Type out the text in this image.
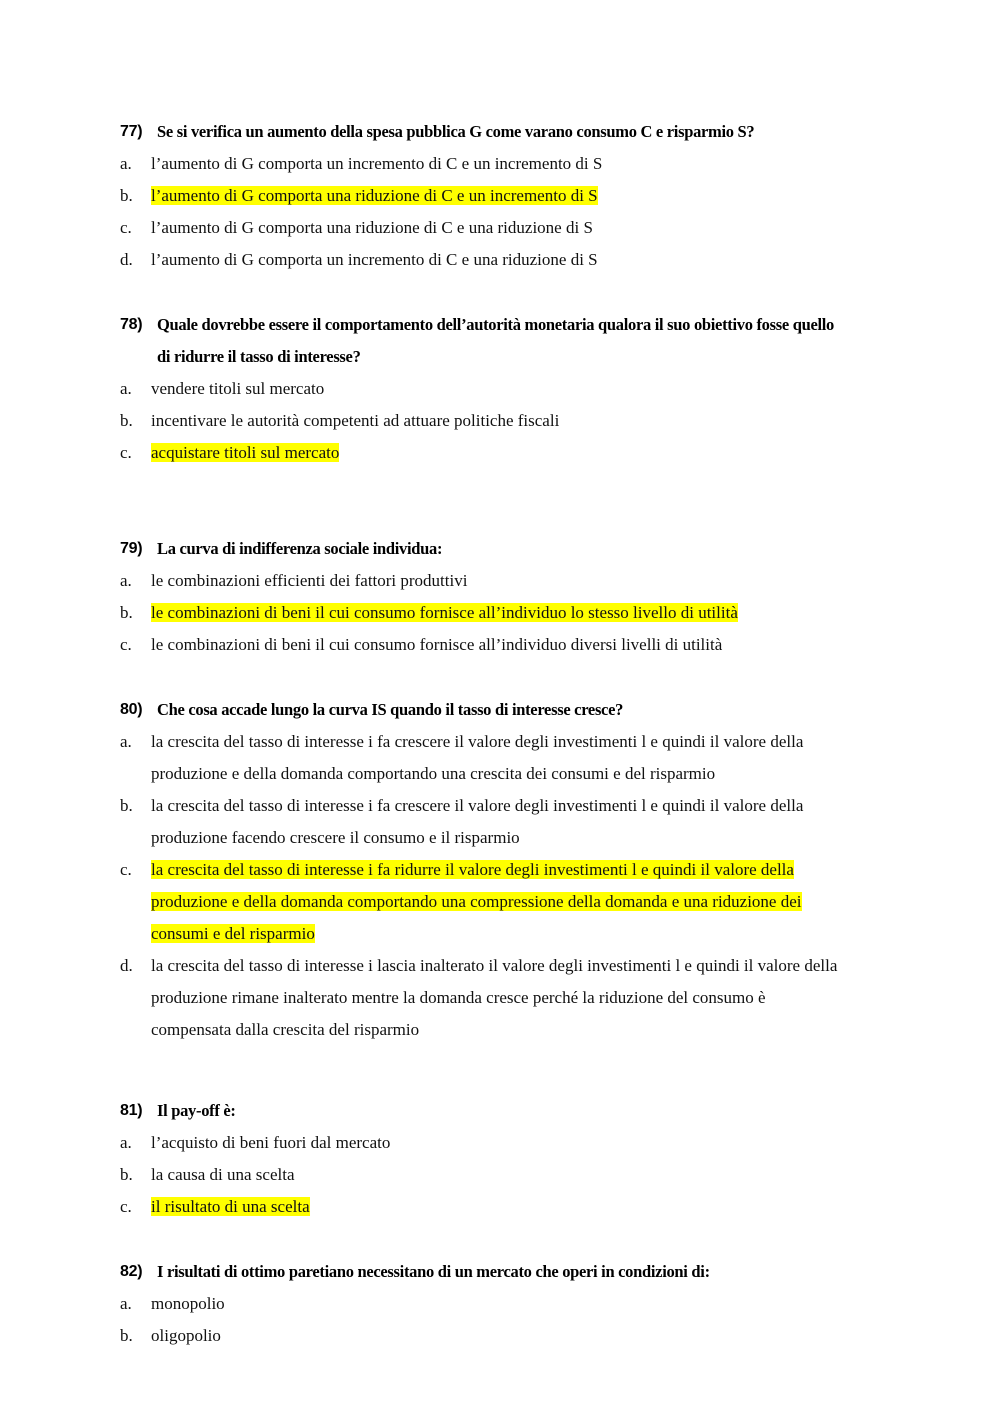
77) Se si verifica un aumento della spesa pubblica G come varano consumo C e risparmio S?
a.	l’aumento di G comporta un incremento di C e un incremento di S
b.	l’aumento di G comporta una riduzione di C e un incremento di S
c.	l’aumento di G comporta una riduzione di C e una riduzione di S
d.	l’aumento di G comporta un incremento di C e una riduzione di S
78) Quale dovrebbe essere il comportamento dell’autorità monetaria qualora il suo obiettivo fosse quello di ridurre il tasso di interesse?
a.	vendere titoli sul mercato
b.	incentivare le autorità competenti ad attuare politiche fiscali
c.	acquistare titoli sul mercato
79) La curva di indifferenza sociale individua:
a.	le combinazioni efficienti dei fattori produttivi
b.	le combinazioni di beni il cui consumo fornisce all’individuo lo stesso livello di utilità
c.	le combinazioni di beni il cui consumo fornisce all’individuo diversi livelli di utilità
80) Che cosa accade lungo la curva IS quando il tasso di interesse cresce?
a.	la crescita del tasso di interesse i fa crescere il valore degli investimenti l e quindi il valore della produzione e della domanda comportando una crescita dei consumi e del risparmio
b.	la crescita del tasso di interesse i fa crescere il valore degli investimenti l e quindi il valore della produzione facendo crescere il consumo e il risparmio
c.	la crescita del tasso di interesse i fa ridurre il valore degli investimenti l e quindi il valore della produzione e della domanda comportando una compressione della domanda e una riduzione dei consumi e del risparmio
d.	la crescita del tasso di interesse i lascia inalterato il valore degli investimenti l e quindi il valore della produzione rimane inalterato mentre la domanda cresce perché la riduzione del consumo è compensata dalla crescita del risparmio
81) Il pay-off è:
a.	l’acquisto di beni fuori dal mercato
b.	la causa di una scelta
c.	il risultato di una scelta
82) I risultati di ottimo paretiano necessitano di un mercato che operi in condizioni di:
a.	monopolio
b.	oligopolio
